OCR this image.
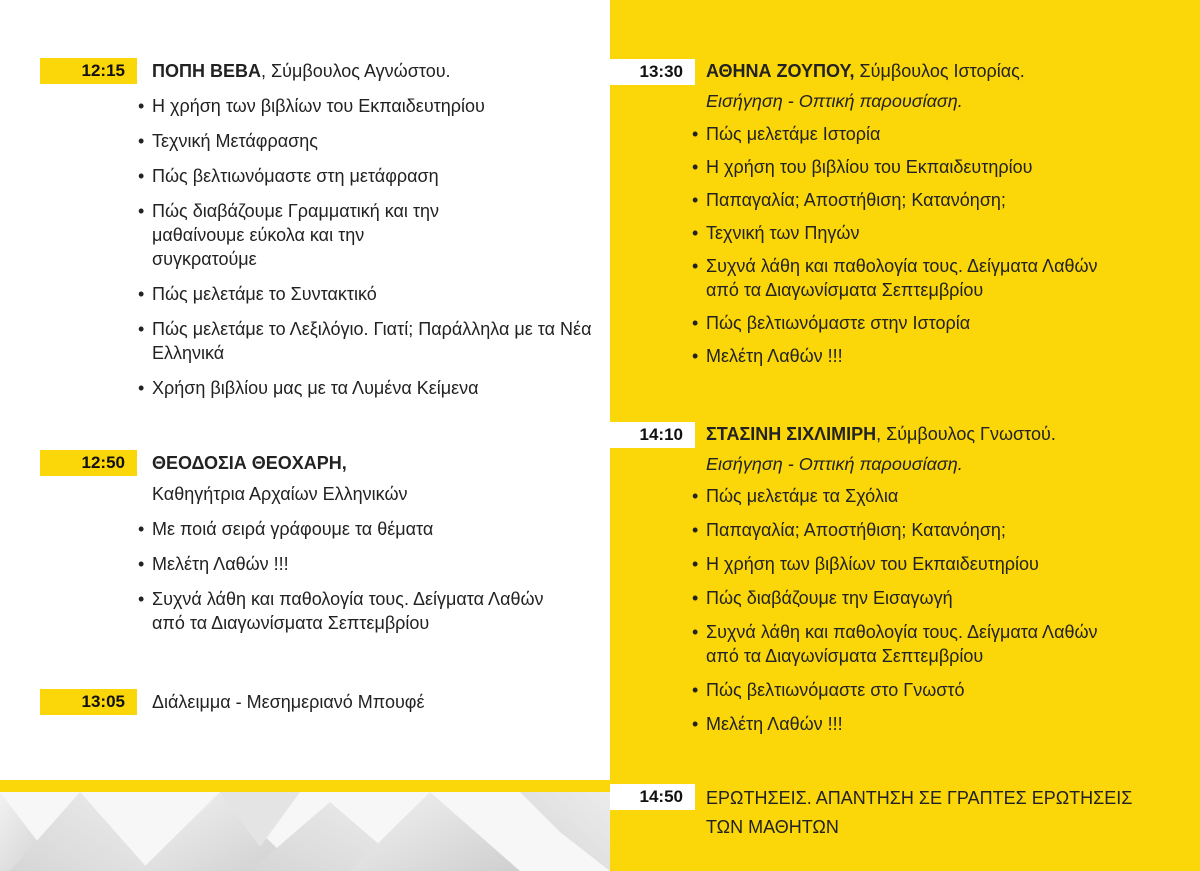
12:15	ΠΟΠΗ ΒΕΒΑ, Σύμβουλος Αγνώστου.
• Η χρήση των βιβλίων του Εκπαιδευτηρίου
• Τεχνική Μετάφρασης
• Πώς βελτιωνόμαστε στη μετάφραση
• Πώς διαβάζουμε Γραμματική και την μαθαίνουμε εύκολα και την συγκρατούμε
• Πώς μελετάμε το Συντακτικό
• Πώς μελετάμε το Λεξιλόγιο. Γιατί; Παράλληλα με τα Νέα Ελληνικά
• Χρήση βιβλίου μας με τα Λυμένα Κείμενα
12:50	ΘΕΟΔΟΣΙΑ ΘΕΟΧΑΡΗ,
Καθηγήτρια Αρχαίων Ελληνικών
• Με ποιά σειρά γράφουμε τα θέματα
• Μελέτη Λαθών !!!
• Συχνά λάθη και παθολογία τους. Δείγματα Λαθών από τα Διαγωνίσματα Σεπτεμβρίου
13:05	Διάλειμμα - Μεσημεριανό Μπουφέ
13:30	ΑΘΗΝΑ ΖΟΥΠΟΥ, Σύμβουλος Ιστορίας.
Εισήγηση - Οπτική παρουσίαση.
• Πώς μελετάμε Ιστορία
• Η χρήση του βιβλίου του Εκπαιδευτηρίου
• Παπαγαλία; Αποστήθιση; Κατανόηση;
• Τεχνική των Πηγών
• Συχνά λάθη και παθολογία τους. Δείγματα Λαθών από τα Διαγωνίσματα Σεπτεμβρίου
• Πώς βελτιωνόμαστε στην Ιστορία
• Μελέτη Λαθών !!!
14:10	ΣΤΑΣΙΝΗ ΣΙΧΛΙΜΙΡΗ, Σύμβουλος Γνωστού.
Εισήγηση - Οπτική παρουσίαση.
• Πώς μελετάμε τα Σχόλια
• Παπαγαλία; Αποστήθιση; Κατανόηση;
• Η χρήση των βιβλίων του Εκπαιδευτηρίου
• Πώς διαβάζουμε την Εισαγωγή
• Συχνά λάθη και παθολογία τους. Δείγματα Λαθών από τα Διαγωνίσματα Σεπτεμβρίου
• Πώς βελτιωνόμαστε στο Γνωστό
• Μελέτη Λαθών !!!
14:50	ΕΡΩΤΗΣΕΙΣ. ΑΠΑΝΤΗΣΗ ΣΕ ΓΡΑΠΤΕΣ ΕΡΩΤΗΣΕΙΣ ΤΩΝ ΜΑΘΗΤΩΝ
